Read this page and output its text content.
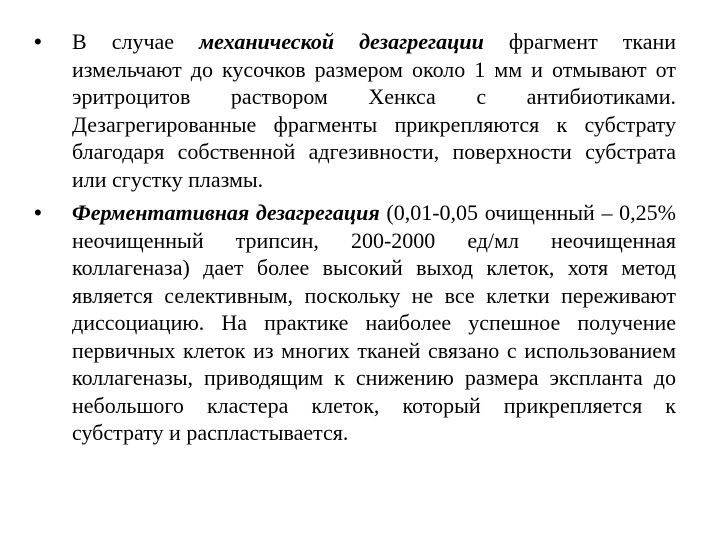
•	В случае механической дезагрегации фрагмент ткани измельчают до кусочков размером около 1 мм и отмывают от эритроцитов раствором Хенкса с антибиотиками. Дезагрегированные фрагменты прикрепляются к субстрату благодаря собственной адгезивности, поверхности субстрата или сгустку плазмы.
•	Ферментативная дезагрегация (0,01-0,05 очищенный – 0,25% неочищенный трипсин, 200-2000 ед/мл неочищенная коллагеназа) дает более высокий выход клеток, хотя метод является селективным, поскольку не все клетки переживают диссоциацию. На практике наиболее успешное получение первичных клеток из многих тканей связано с использованием коллагеназы, приводящим к снижению размера экспланта до небольшого кластера клеток, который прикрепляется к субстрату и распластывается.
